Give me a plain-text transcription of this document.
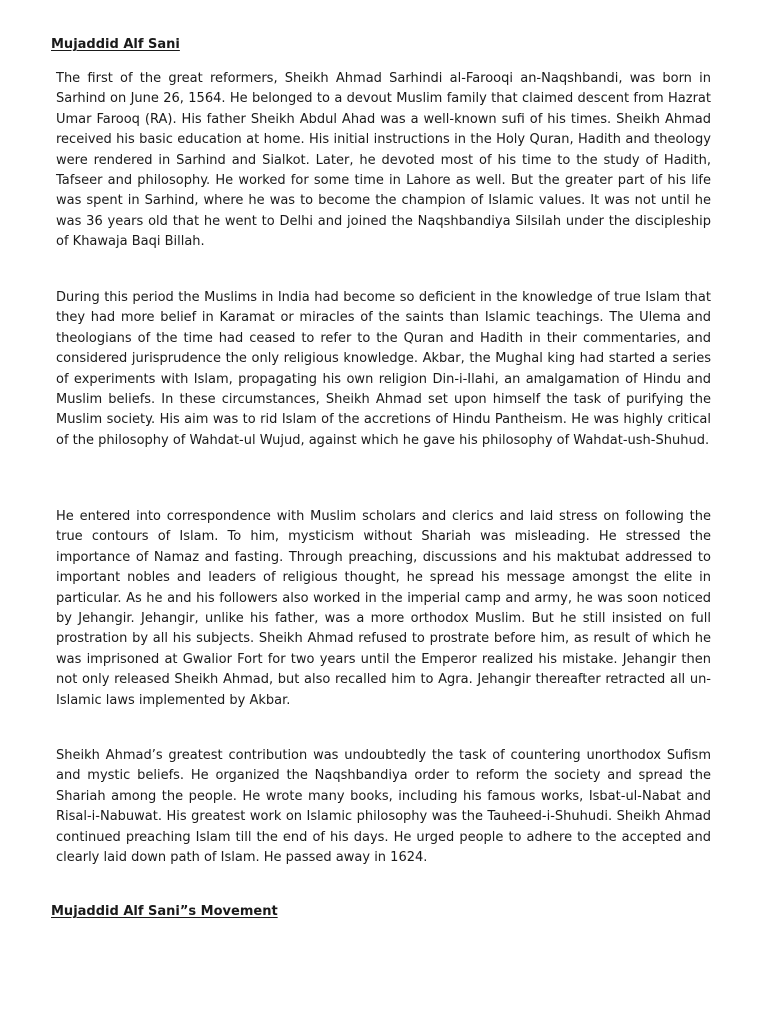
Mujaddid Alf Sani

The first of the great reformers, Sheikh Ahmad Sarhindi al-Farooqi an-Naqshbandi, was born in Sarhind on June 26, 1564. He belonged to a devout Muslim family that claimed descent from Hazrat Umar Farooq (RA). His father Sheikh Abdul Ahad was a well-known sufi of his times. Sheikh Ahmad received his basic education at home. His initial instructions in the Holy Quran, Hadith and theology were rendered in Sarhind and Sialkot. Later, he devoted most of his time to the study of Hadith, Tafseer and philosophy. He worked for some time in Lahore as well. But the greater part of his life was spent in Sarhind, where he was to become the champion of Islamic values. It was not until he was 36 years old that he went to Delhi and joined the Naqshbandiya Silsilah under the discipleship of Khawaja Baqi Billah.

During this period the Muslims in India had become so deficient in the knowledge of true Islam that they had more belief in Karamat or miracles of the saints than Islamic teachings. The Ulema and theologians of the time had ceased to refer to the Quran and Hadith in their commentaries, and considered jurisprudence the only religious knowledge. Akbar, the Mughal king had started a series of experiments with Islam, propagating his own religion Din-i-Ilahi, an amalgamation of Hindu and Muslim beliefs. In these circumstances, Sheikh Ahmad set upon himself the task of purifying the Muslim society. His aim was to rid Islam of the accretions of Hindu Pantheism. He was highly critical of the philosophy of Wahdat-ul Wujud, against which he gave his philosophy of Wahdat-ush-Shuhud.

He entered into correspondence with Muslim scholars and clerics and laid stress on following the true contours of Islam. To him, mysticism without Shariah was misleading. He stressed the importance of Namaz and fasting. Through preaching, discussions and his maktubat addressed to important nobles and leaders of religious thought, he spread his message amongst the elite in particular. As he and his followers also worked in the imperial camp and army, he was soon noticed by Jehangir. Jehangir, unlike his father, was a more orthodox Muslim. But he still insisted on full prostration by all his subjects. Sheikh Ahmad refused to prostrate before him, as result of which he was imprisoned at Gwalior Fort for two years until the Emperor realized his mistake. Jehangir then not only released Sheikh Ahmad, but also recalled him to Agra. Jehangir thereafter retracted all un-Islamic laws implemented by Akbar.

Sheikh Ahmad’s greatest contribution was undoubtedly the task of countering unorthodox Sufism and mystic beliefs. He organized the Naqshbandiya order to reform the society and spread the Shariah among the people. He wrote many books, including his famous works, Isbat-ul-Nabat and Risal-i-Nabuwat. His greatest work on Islamic philosophy was the Tauheed-i-Shuhudi. Sheikh Ahmad continued preaching Islam till the end of his days. He urged people to adhere to the accepted and clearly laid down path of Islam. He passed away in 1624.

Mujaddid Alf Sani”s Movement
